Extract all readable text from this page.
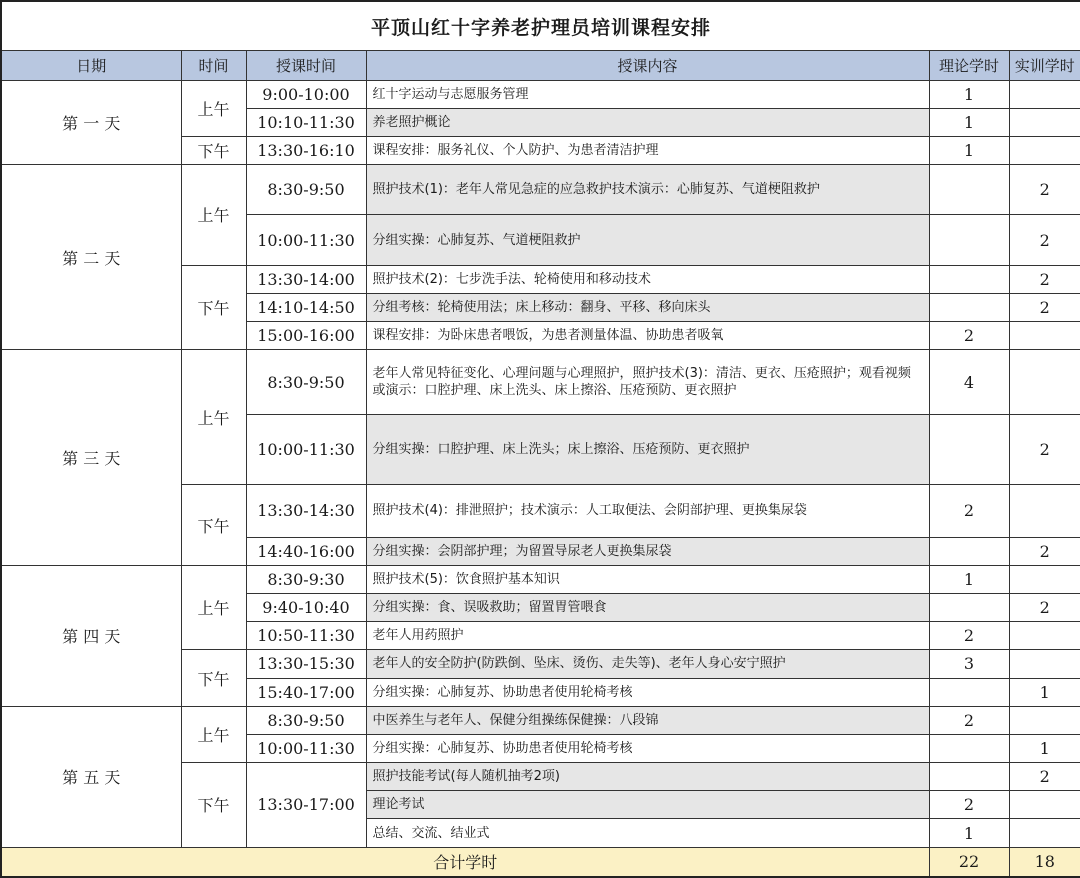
平顶山红十字养老护理员培训课程安排					
日期	时间	授课时间	授课内容	理论学时	实训学时
第 一 天	上午	9:00-10:00	红十字运动与志愿服务管理	1	
		10:10-11:30	养老照护概论	1	
	下午	13:30-16:10	课程安排：服务礼仪、个人防护、为患者清洁护理	1	
第 二 天	上午	8:30-9:50	照护技术(1)：老年人常见急症的应急救护技术演示：心肺复苏、气道梗阻救护		2
		10:00-11:30	分组实操：心肺复苏、气道梗阻救护		2
	下午	13:30-14:00	照护技术(2)：七步洗手法、轮椅使用和移动技术		2
		14:10-14:50	分组考核：轮椅使用法；床上移动：翻身、平移、移向床头		2
		15:00-16:00	课程安排：为卧床患者喂饭，为患者测量体温、协助患者吸氧	2	
第 三 天	上午	8:30-9:50	老年人常见特征变化、心理问题与心理照护，照护技术(3)：清洁、更衣、压疮照护；观看视频或演示：口腔护理、床上洗头、床上擦浴、压疮预防、更衣照护	4	
		10:00-11:30	分组实操：口腔护理、床上洗头；床上擦浴、压疮预防、更衣照护		2
	下午	13:30-14:30	照护技术(4)：排泄照护；技术演示：人工取便法、会阴部护理、更换集尿袋	2	
		14:40-16:00	分组实操：会阴部护理；为留置导尿老人更换集尿袋		2
第 四 天	上午	8:30-9:30	照护技术(5)：饮食照护基本知识	1	
		9:40-10:40	分组实操：食、误吸救助；留置胃管喂食		2
		10:50-11:30	老年人用药照护	2	
	下午	13:30-15:30	老年人的安全防护(防跌倒、坠床、烫伤、走失等)、老年人身心安宁照护	3	
		15:40-17:00	分组实操：心肺复苏、协助患者使用轮椅考核		1
第 五 天	上午	8:30-9:50	中医养生与老年人、保健分组操练保健操：八段锦	2	
		10:00-11:30	分组实操：心肺复苏、协助患者使用轮椅考核		1
	下午	13:30-17:00	照护技能考试(每人随机抽考2项)		2
			理论考试	2	
			总结、交流、结业式	1	
合计学时				22	18
